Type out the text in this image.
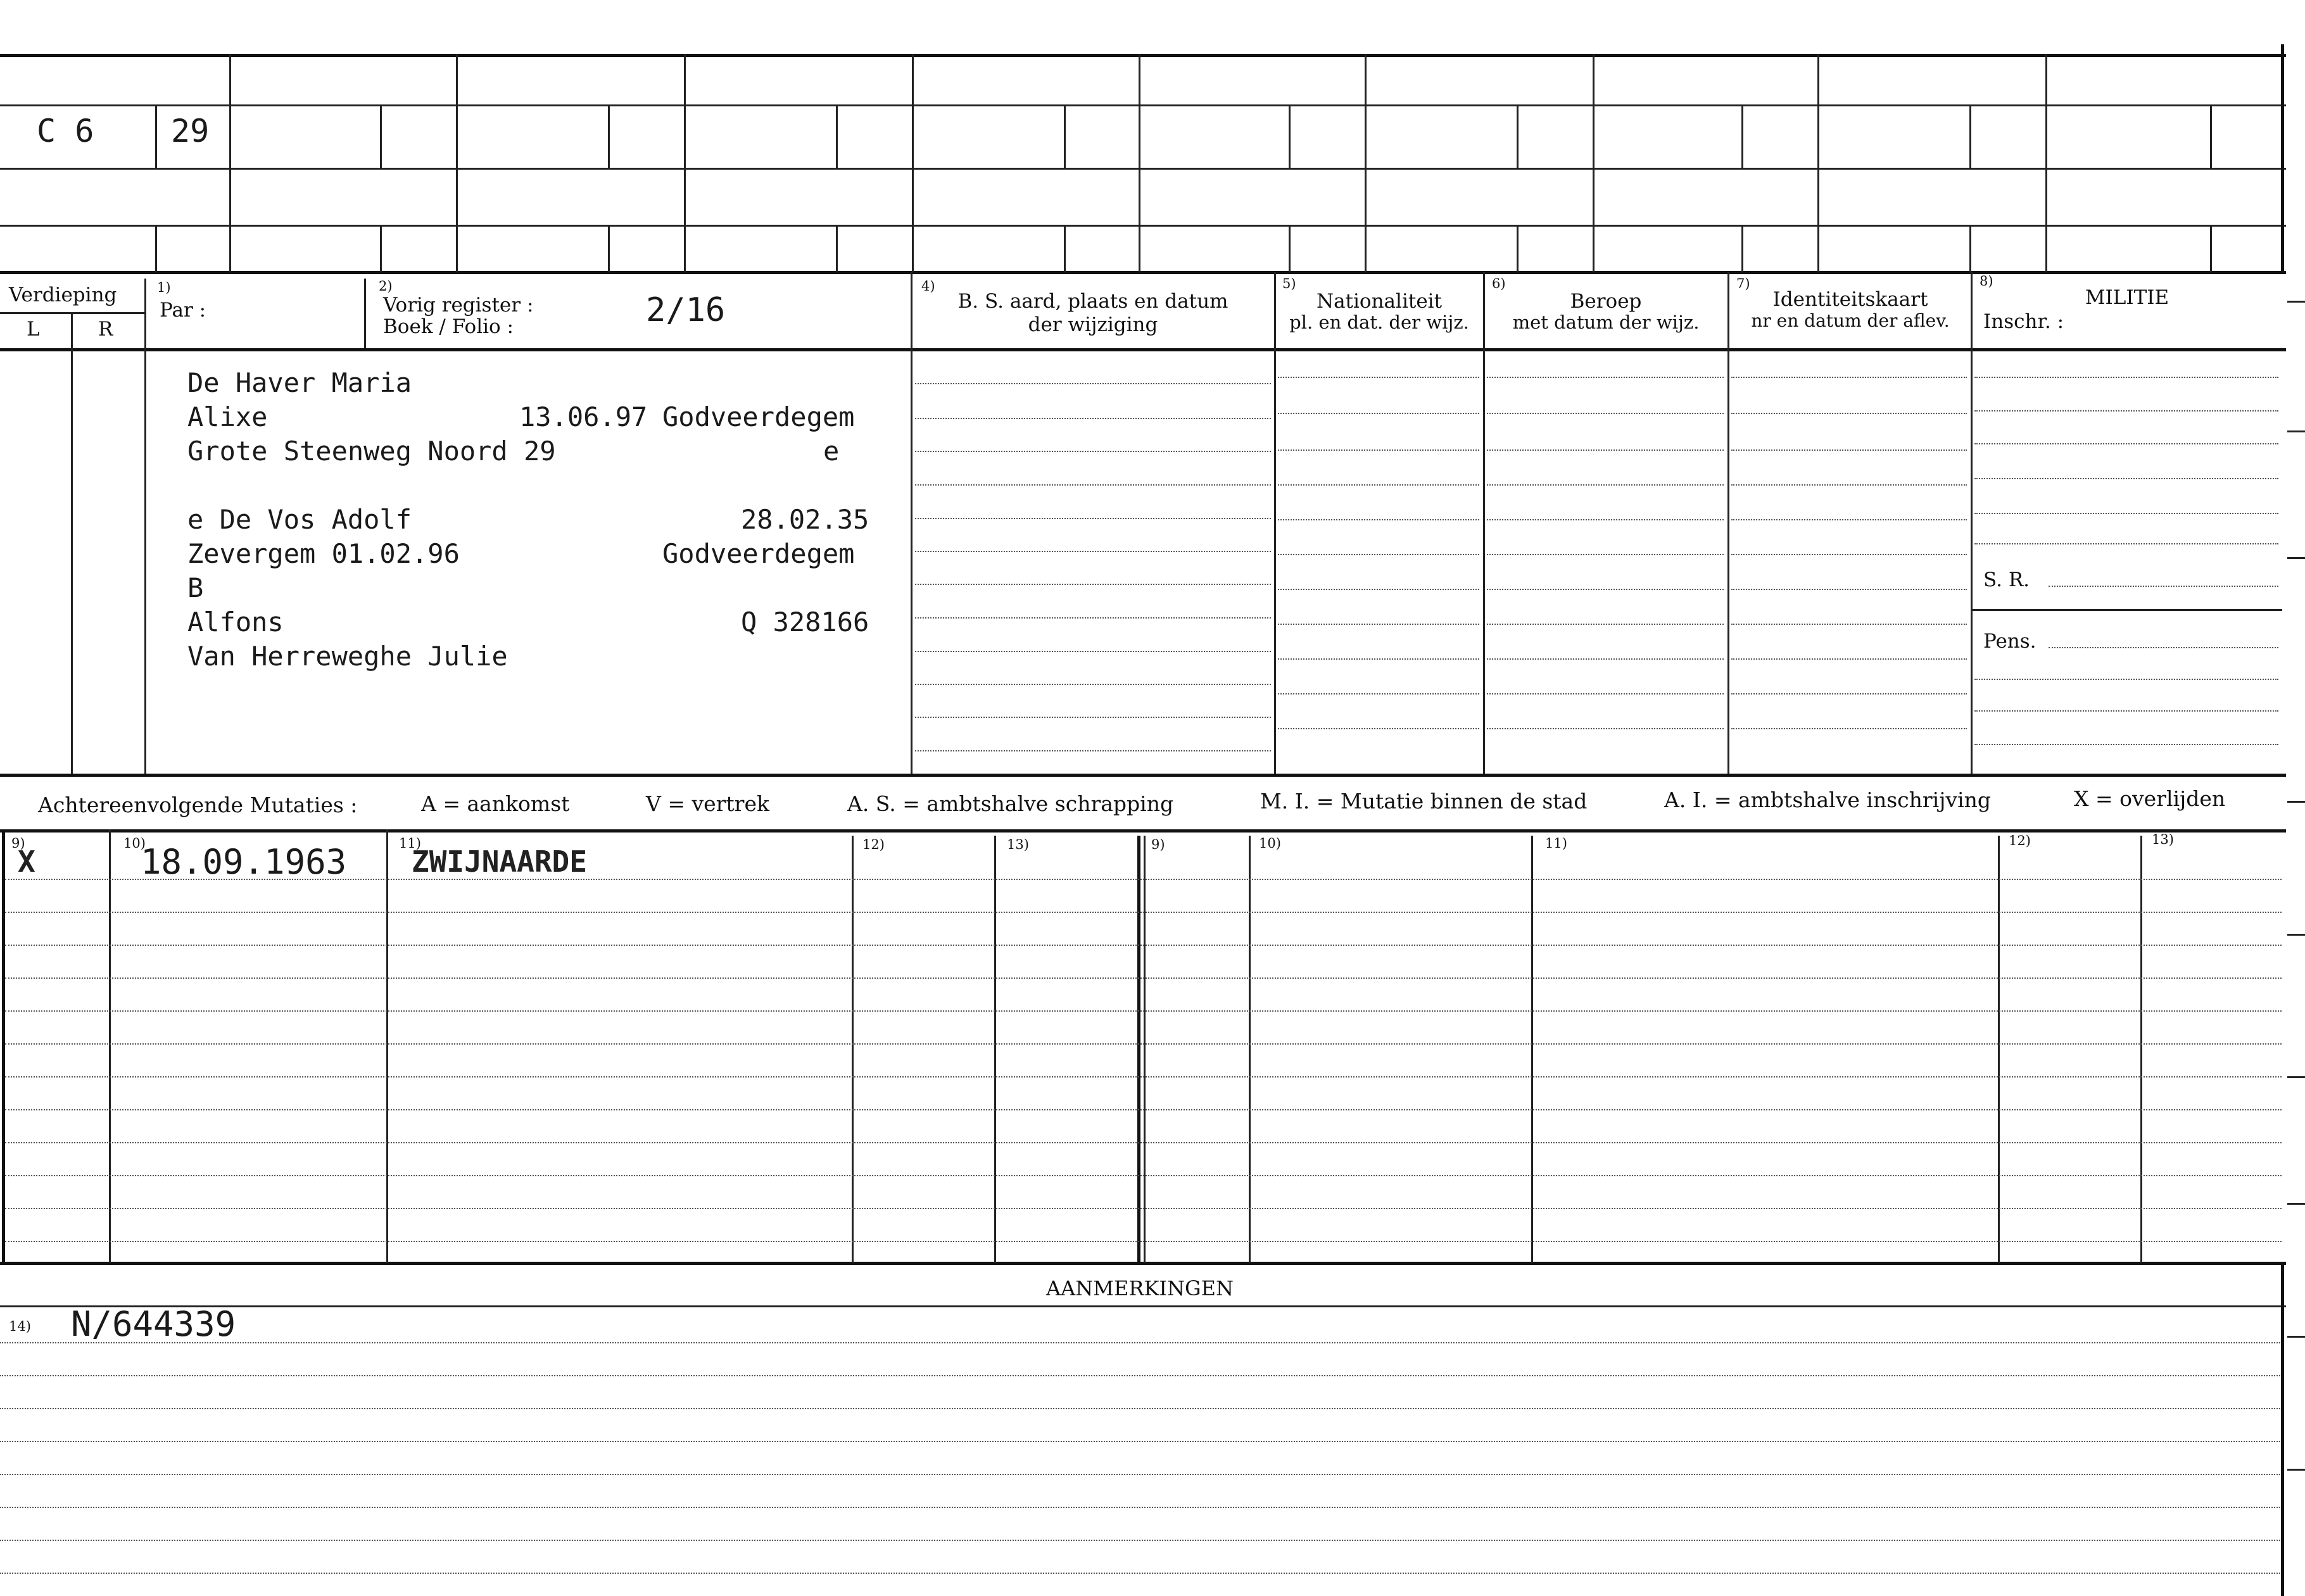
C 6 29
Verdieping
L	R
1)
Par :
2)
Vorig register :
Boek / Folio :	2/16
4)
B. S. aard, plaats en datum
der wijziging
5)
Nationaliteit
pl. en dat. der wijz.
6)
Beroep
met datum der wijz.
7)
Identiteitskaart
nr en datum der aflev.
8)
MILITIE
Inschr. :
De Haver Maria
Alixe	13.06.97 Godveerdegem
Grote Steenweg Noord 29	e
e De Vos Adolf	28.02.35
Zevergem 01.02.96	Godveerdegem
B
Alfons	Q 328166
Van Herreweghe Julie
S. R.
Pens.
Achtereenvolgende Mutaties :	A = aankomst	V = vertrek	A. S. = ambtshalve schrapping	M. I. = Mutatie binnen de stad	A. I. = ambtshalve inschrijving	X = overlijden
9)	10)	11)	12)	13)	9)	10)	11)	12)	13)
X	18.09.1963 ZWIJNAARDE
AANMERKINGEN
14) N/644339
